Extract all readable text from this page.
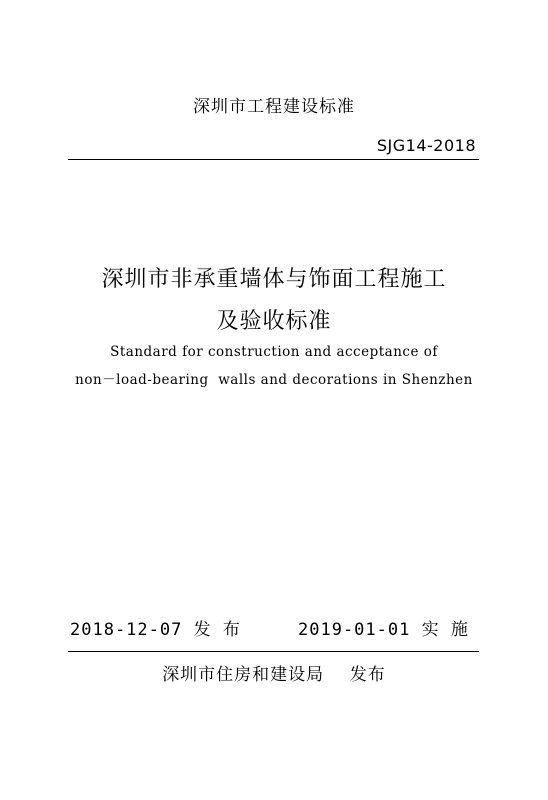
深圳市工程建设标准
SJG14-2018
深圳市非承重墙体与饰面工程施工
及验收标准
Standard for construction and acceptance of
non－load-bearing  walls and decorations in Shenzhen
2018-12-07 发 布	2019-01-01 实 施
深圳市住房和建设局    发布
